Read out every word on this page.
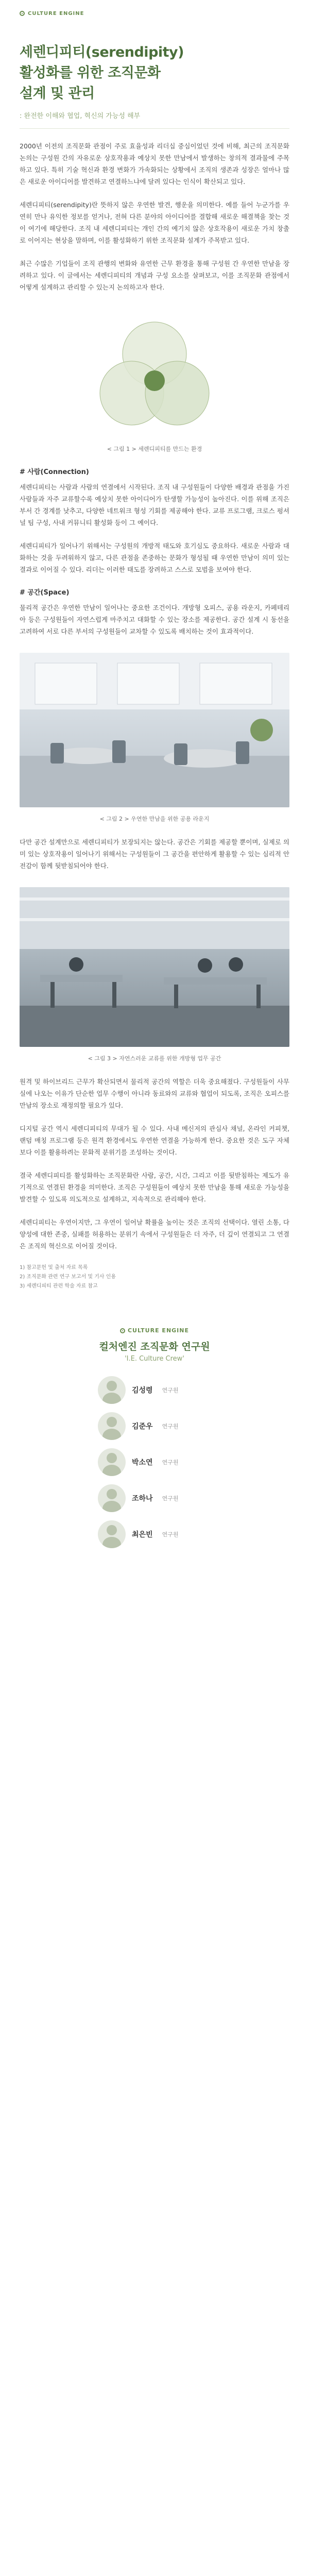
CULTURE ENGINE
세렌디피티(serendipity)
활성화를 위한 조직문화
설계 및 관리
: 완전한 이해와 협업, 혁신의 가능성 해부

2000년 이전의 조직문화 관점이 주로 효율성과 리더십 중심이었던 것에 비해, 최근의 조직문화 논의는 구성원 간의 자유로운 상호작용과 예상치 못한 만남에서 발생하는 창의적 결과물에 주목하고 있다. 특히 기술 혁신과 환경 변화가 가속화되는 상황에서 조직의 생존과 성장은 얼마나 많은 새로운 아이디어를 발견하고 연결하느냐에 달려 있다는 인식이 확산되고 있다.

세렌디피티(serendipity)란 뜻하지 않은 우연한 발견, 행운을 의미한다. 예를 들어 누군가를 우연히 만나 유익한 정보를 얻거나, 전혀 다른 분야의 아이디어를 결합해 새로운 해결책을 찾는 것이 여기에 해당한다. 조직 내 세렌디피티는 개인 간의 예기치 않은 상호작용이 새로운 가치 창출로 이어지는 현상을 말하며, 이를 활성화하기 위한 조직문화 설계가 주목받고 있다.

최근 수많은 기업들이 조직 관행의 변화와 유연한 근무 환경을 통해 구성원 간 우연한 만남을 장려하고 있다. 이 글에서는 세렌디피티의 개념과 구성 요소를 살펴보고, 이를 조직문화 관점에서 어떻게 설계하고 관리할 수 있는지 논의하고자 한다.

< 그림 1 > 세렌디피티를 만드는 환경
# 사람(Connection)

세렌디피티는 사람과 사람의 연결에서 시작된다. 조직 내 구성원들이 다양한 배경과 관점을 가진 사람들과 자주 교류할수록 예상치 못한 아이디어가 탄생할 가능성이 높아진다. 이를 위해 조직은 부서 간 경계를 낮추고, 다양한 네트워크 형성 기회를 제공해야 한다. 교류 프로그램, 크로스 펑셔널 팀 구성, 사내 커뮤니티 활성화 등이 그 예이다.

세렌디피티가 일어나기 위해서는 구성원의 개방적 태도와 호기심도 중요하다. 새로운 사람과 대화하는 것을 두려워하지 않고, 다른 관점을 존중하는 문화가 형성될 때 우연한 만남이 의미 있는 결과로 이어질 수 있다. 리더는 이러한 태도를 장려하고 스스로 모범을 보여야 한다.

# 공간(Space)

물리적 공간은 우연한 만남이 일어나는 중요한 조건이다. 개방형 오피스, 공용 라운지, 카페테리아 등은 구성원들이 자연스럽게 마주치고 대화할 수 있는 장소를 제공한다. 공간 설계 시 동선을 고려하여 서로 다른 부서의 구성원들이 교차할 수 있도록 배치하는 것이 효과적이다.

< 그림 2 > 우연한 만남을 위한 공용 라운지

다만 공간 설계만으로 세렌디피티가 보장되지는 않는다. 공간은 기회를 제공할 뿐이며, 실제로 의미 있는 상호작용이 일어나기 위해서는 구성원들이 그 공간을 편안하게 활용할 수 있는 심리적 안전감이 함께 뒷받침되어야 한다.

< 그림 3 > 자연스러운 교류를 위한 개방형 업무 공간

원격 및 하이브리드 근무가 확산되면서 물리적 공간의 역할은 더욱 중요해졌다. 구성원들이 사무실에 나오는 이유가 단순한 업무 수행이 아니라 동료와의 교류와 협업이 되도록, 조직은 오피스를 만남의 장소로 재정의할 필요가 있다.

디지털 공간 역시 세렌디피티의 무대가 될 수 있다. 사내 메신저의 관심사 채널, 온라인 커피챗, 랜덤 매칭 프로그램 등은 원격 환경에서도 우연한 연결을 가능하게 한다. 중요한 것은 도구 자체보다 이를 활용하려는 문화적 분위기를 조성하는 것이다.

결국 세렌디피티를 활성화하는 조직문화란 사람, 공간, 시간, 그리고 이를 뒷받침하는 제도가 유기적으로 연결된 환경을 의미한다. 조직은 구성원들이 예상치 못한 만남을 통해 새로운 가능성을 발견할 수 있도록 의도적으로 설계하고, 지속적으로 관리해야 한다.

세렌디피티는 우연이지만, 그 우연이 일어날 확률을 높이는 것은 조직의 선택이다. 열린 소통, 다양성에 대한 존중, 실패를 허용하는 분위기 속에서 구성원들은 더 자주, 더 깊이 연결되고 그 연결은 조직의 혁신으로 이어질 것이다.

1) 참고문헌 및 출처 자료 목록
2) 조직문화 관련 연구 보고서 및 기사 인용
3) 세렌디피티 관련 학술 자료 참고
CULTURE ENGINE
컬처엔진 조직문화 연구원
'I.E. Culture Crew'
김성령 연구원
김준우 연구원
박소연 연구원
조하나 연구원
최은빈 연구원
